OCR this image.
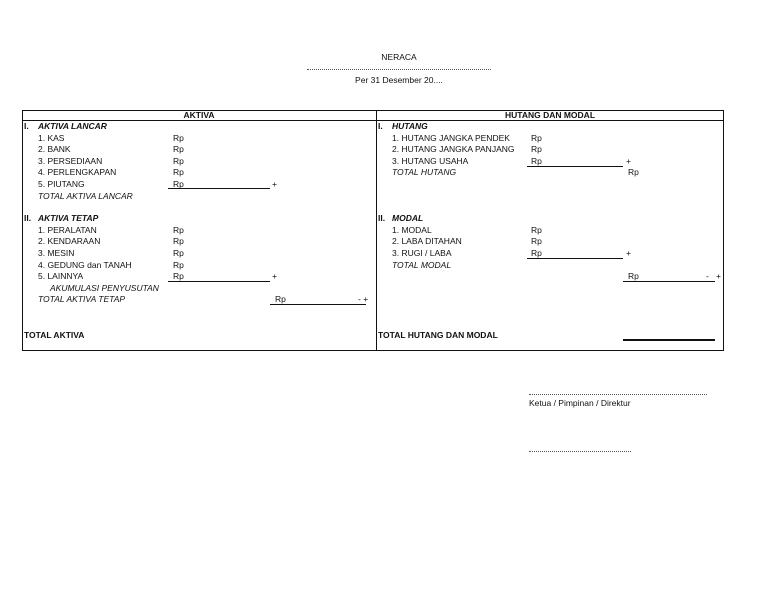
NERACA
Per 31 Desember 20....
AKTIVA	HUTANG DAN MODAL
I. AKTIVA LANCAR
1. KAS	Rp
2. BANK	Rp
3. PERSEDIAAN	Rp
4. PERLENGKAPAN	Rp
5. PIUTANG	Rp	+
TOTAL AKTIVA LANCAR
II. AKTIVA TETAP
1. PERALATAN	Rp
2. KENDARAAN	Rp
3. MESIN	Rp
4. GEDUNG dan TANAH	Rp
5. LAINNYA	Rp	+
AKUMULASI PENYUSUTAN
TOTAL AKTIVA TETAP	Rp	- +
TOTAL AKTIVA
I. HUTANG
1. HUTANG JANGKA PENDEK Rp
2. HUTANG JANGKA PANJANG Rp
3. HUTANG USAHA	Rp	+
TOTAL HUTANG	Rp
II. MODAL
1. MODAL	Rp
2. LABA DITAHAN	Rp
3. RUGI / LABA	Rp	+
TOTAL MODAL
Rp	- +
TOTAL HUTANG DAN MODAL
Ketua / Pimpinan / Direktur
